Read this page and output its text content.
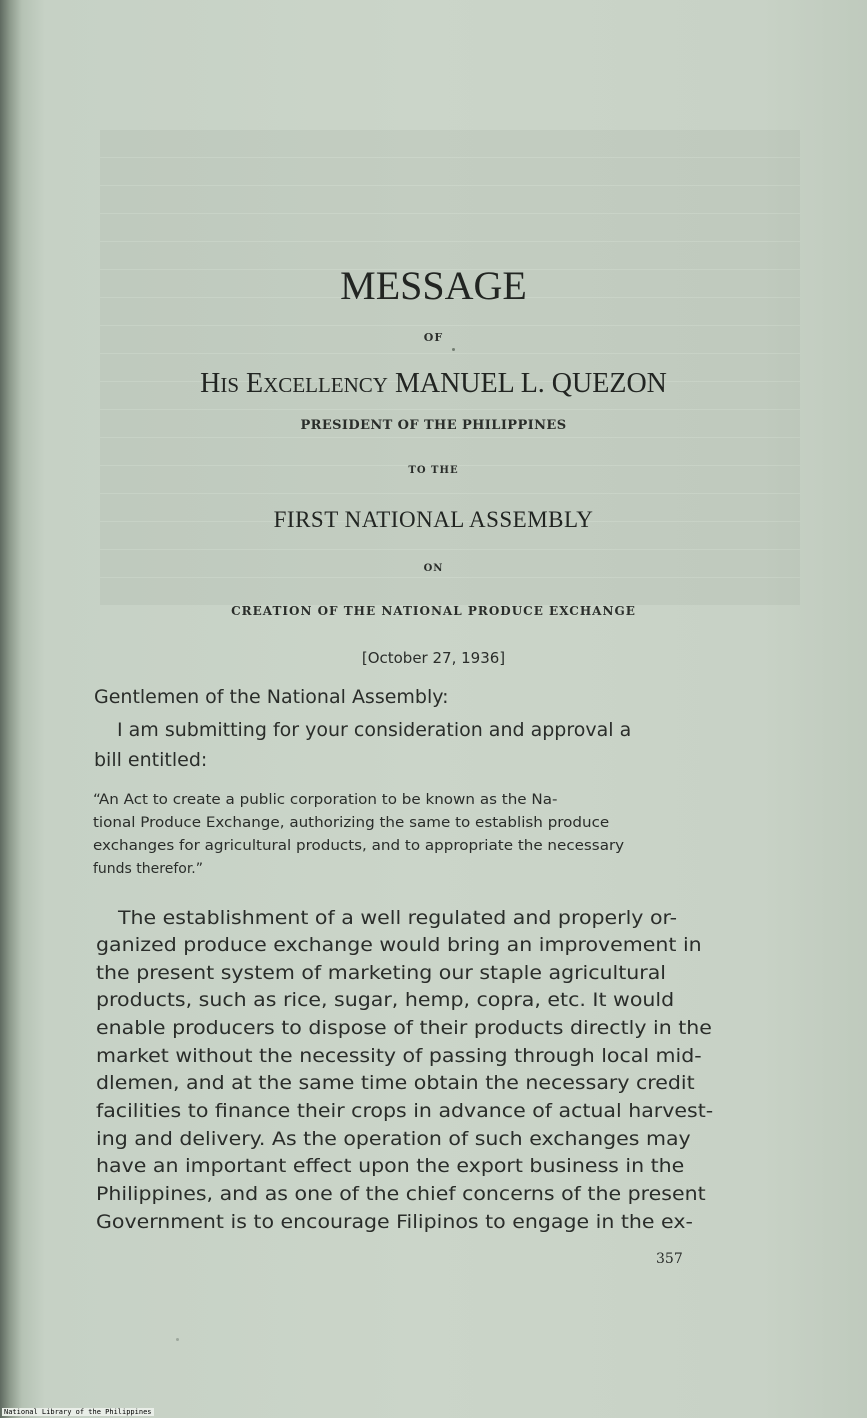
MESSAGE
OF
HIS EXCELLENCY MANUEL L. QUEZON
PRESIDENT OF THE PHILIPPINES
TO THE
FIRST NATIONAL ASSEMBLY
ON
CREATION OF THE NATIONAL PRODUCE EXCHANGE
[October 27, 1936]
Gentlemen of the National Assembly:
I am submitting for your consideration and approval a
bill entitled:
“An Act to create a public corporation to be known as the Na-
tional Produce Exchange, authorizing the same to establish produce
exchanges for agricultural products, and to appropriate the necessary
funds therefor.”
The establishment of a well regulated and properly or-
ganized produce exchange would bring an improvement in
the present system of marketing our staple agricultural
products, such as rice, sugar, hemp, copra, etc. It would
enable producers to dispose of their products directly in the
market without the necessity of passing through local mid-
dlemen, and at the same time obtain the necessary credit
facilities to finance their crops in advance of actual harvest-
ing and delivery. As the operation of such exchanges may
have an important effect upon the export business in the
Philippines, and as one of the chief concerns of the present
Government is to encourage Filipinos to engage in the ex-
357
National Library of the Philippines
